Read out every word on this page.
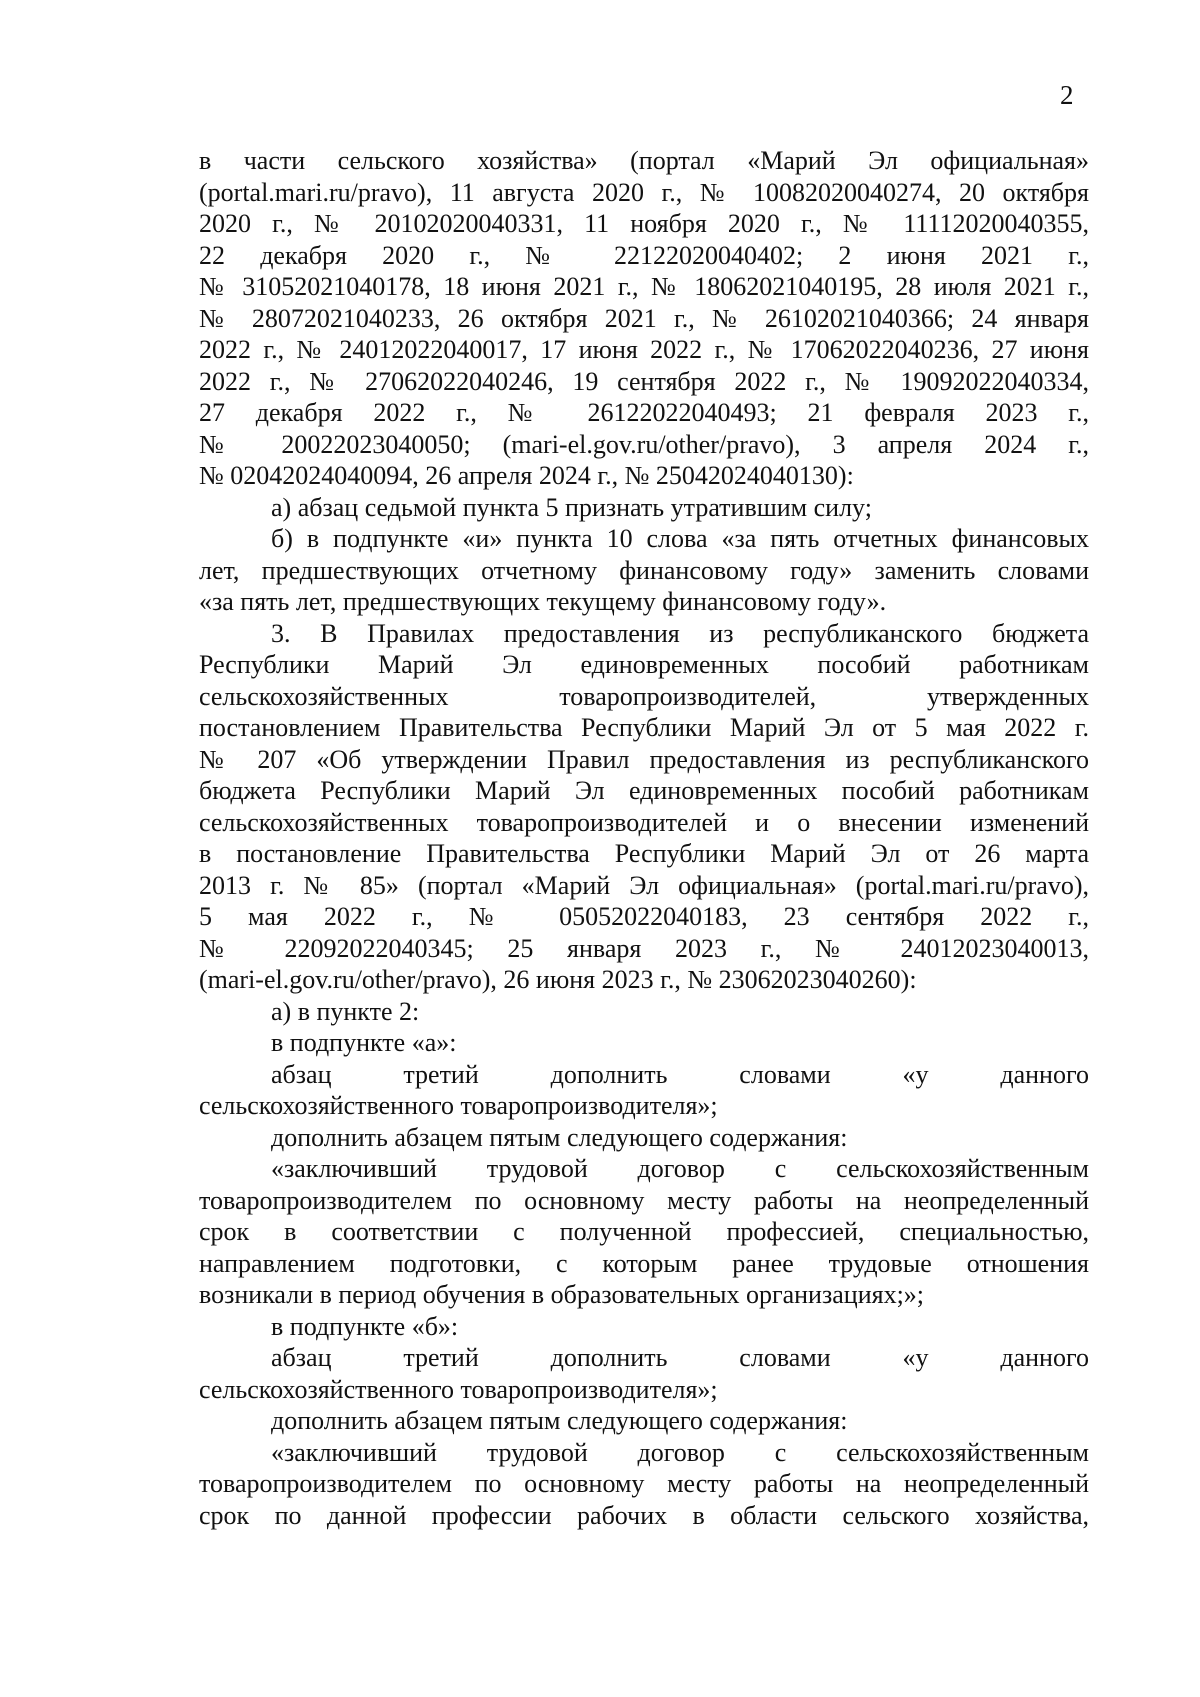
2
в части сельского хозяйства» (портал «Марий Эл официальная»
(portal.mari.ru/pravo), 11 августа 2020 г., № 10082020040274, 20 октября
2020 г., № 20102020040331, 11 ноября 2020 г., № 11112020040355,
22 декабря 2020 г., № 22122020040402; 2 июня 2021 г.,
№ 31052021040178, 18 июня 2021 г., № 18062021040195, 28 июля 2021 г.,
№ 28072021040233, 26 октября 2021 г., № 26102021040366; 24 января
2022 г., № 24012022040017, 17 июня 2022 г., № 17062022040236, 27 июня
2022 г., № 27062022040246, 19 сентября 2022 г., № 19092022040334,
27 декабря 2022 г., № 26122022040493; 21 февраля 2023 г.,
№ 20022023040050; (mari-el.gov.ru/other/pravo), 3 апреля 2024 г.,
№ 02042024040094, 26 апреля 2024 г., № 25042024040130):
а) абзац седьмой пункта 5 признать утратившим силу;
б) в подпункте «и» пункта 10 слова «за пять отчетных финансовых
лет, предшествующих отчетному финансовому году» заменить словами
«за пять лет, предшествующих текущему финансовому году».
3. В Правилах предоставления из республиканского бюджета
Республики Марий Эл единовременных пособий работникам
сельскохозяйственных товаропроизводителей, утвержденных
постановлением Правительства Республики Марий Эл от 5 мая 2022 г.
№ 207 «Об утверждении Правил предоставления из республиканского
бюджета Республики Марий Эл единовременных пособий работникам
сельскохозяйственных товаропроизводителей и о внесении изменений
в постановление Правительства Республики Марий Эл от 26 марта
2013 г. № 85» (портал «Марий Эл официальная» (portal.mari.ru/pravo),
5 мая 2022 г., № 05052022040183, 23 сентября 2022 г.,
№ 22092022040345; 25 января 2023 г., № 24012023040013,
(mari-el.gov.ru/other/pravo), 26 июня 2023 г., № 23062023040260):
а) в пункте 2:
в подпункте «а»:
абзац третий дополнить словами «у данного
сельскохозяйственного товаропроизводителя»;
дополнить абзацем пятым следующего содержания:
«заключивший трудовой договор с сельскохозяйственным
товаропроизводителем по основному месту работы на неопределенный
срок в соответствии с полученной профессией, специальностью,
направлением подготовки, с которым ранее трудовые отношения
возникали в период обучения в образовательных организациях;»;
в подпункте «б»:
абзац третий дополнить словами «у данного
сельскохозяйственного товаропроизводителя»;
дополнить абзацем пятым следующего содержания:
«заключивший трудовой договор с сельскохозяйственным
товаропроизводителем по основному месту работы на неопределенный
срок по данной профессии рабочих в области сельского хозяйства,
